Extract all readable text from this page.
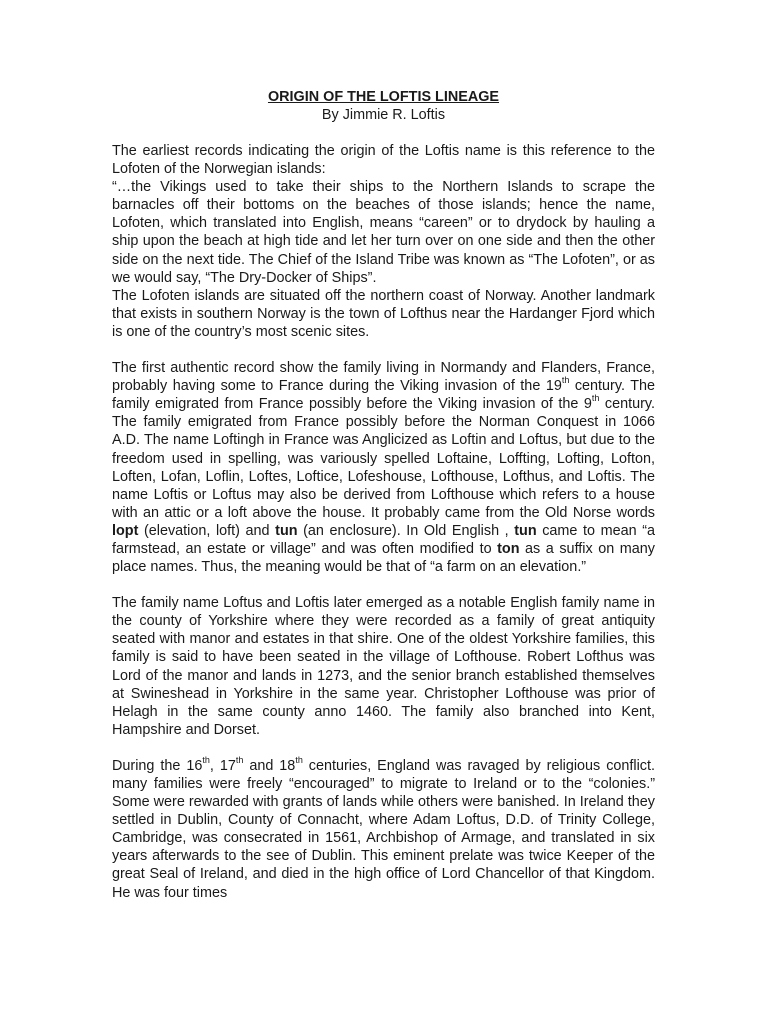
ORIGIN OF THE LOFTIS LINEAGE

By Jimmie R. Loftis

The earliest records indicating the origin of the Loftis name is this reference to the Lofoten of the Norwegian islands:

“…the Vikings used to take their ships to the Northern Islands to scrape the barnacles off their bottoms on the beaches of those islands; hence the name, Lofoten, which translated into English, means “careen” or to drydock by hauling a ship upon the beach at high tide and let her turn over on one side and then the other side on the next tide. The Chief of the Island Tribe was known as “The Lofoten”, or as we would say, “The Dry-Docker of Ships”.

The Lofoten islands are situated off the northern coast of Norway. Another landmark that exists in southern Norway is the town of Lofthus near the Hardanger Fjord which is one of the country’s most scenic sites.

The first authentic record show the family living in Normandy and Flanders, France, probably having some to France during the Viking invasion of the 19th century. The family emigrated from France possibly before the Viking invasion of the 9th century. The family emigrated from France possibly before the Norman Conquest in 1066 A.D. The name Loftingh in France was Anglicized as Loftin and Loftus, but due to the freedom used in spelling, was variously spelled Loftaine, Loffting, Lofting, Lofton, Loften, Lofan, Loflin, Loftes, Loftice, Lofeshouse, Lofthouse, Lofthus, and Loftis. The name Loftis or Loftus may also be derived from Lofthouse which refers to a house with an attic or a loft above the house. It probably came from the Old Norse words lopt (elevation, loft) and tun (an enclosure). In Old English , tun came to mean “a farmstead, an estate or village” and was often modified to ton as a suffix on many place names. Thus, the meaning would be that of “a farm on an elevation.”

The family name Loftus and Loftis later emerged as a notable English family name in the county of Yorkshire where they were recorded as a family of great antiquity seated with manor and estates in that shire. One of the oldest Yorkshire families, this family is said to have been seated in the village of Lofthouse. Robert Lofthus was Lord of the manor and lands in 1273, and the senior branch established themselves at Swineshead in Yorkshire in the same year. Christopher Lofthouse was prior of Helagh in the same county anno 1460. The family also branched into Kent, Hampshire and Dorset.

During the 16th, 17th and 18th centuries, England was ravaged by religious conflict. many families were freely “encouraged” to migrate to Ireland or to the “colonies.” Some were rewarded with grants of lands while others were banished. In Ireland they settled in Dublin, County of Connacht, where Adam Loftus, D.D. of Trinity College, Cambridge, was consecrated in 1561, Archbishop of Armage, and translated in six years afterwards to the see of Dublin. This eminent prelate was twice Keeper of the great Seal of Ireland, and died in the high office of Lord Chancellor of that Kingdom. He was four times
